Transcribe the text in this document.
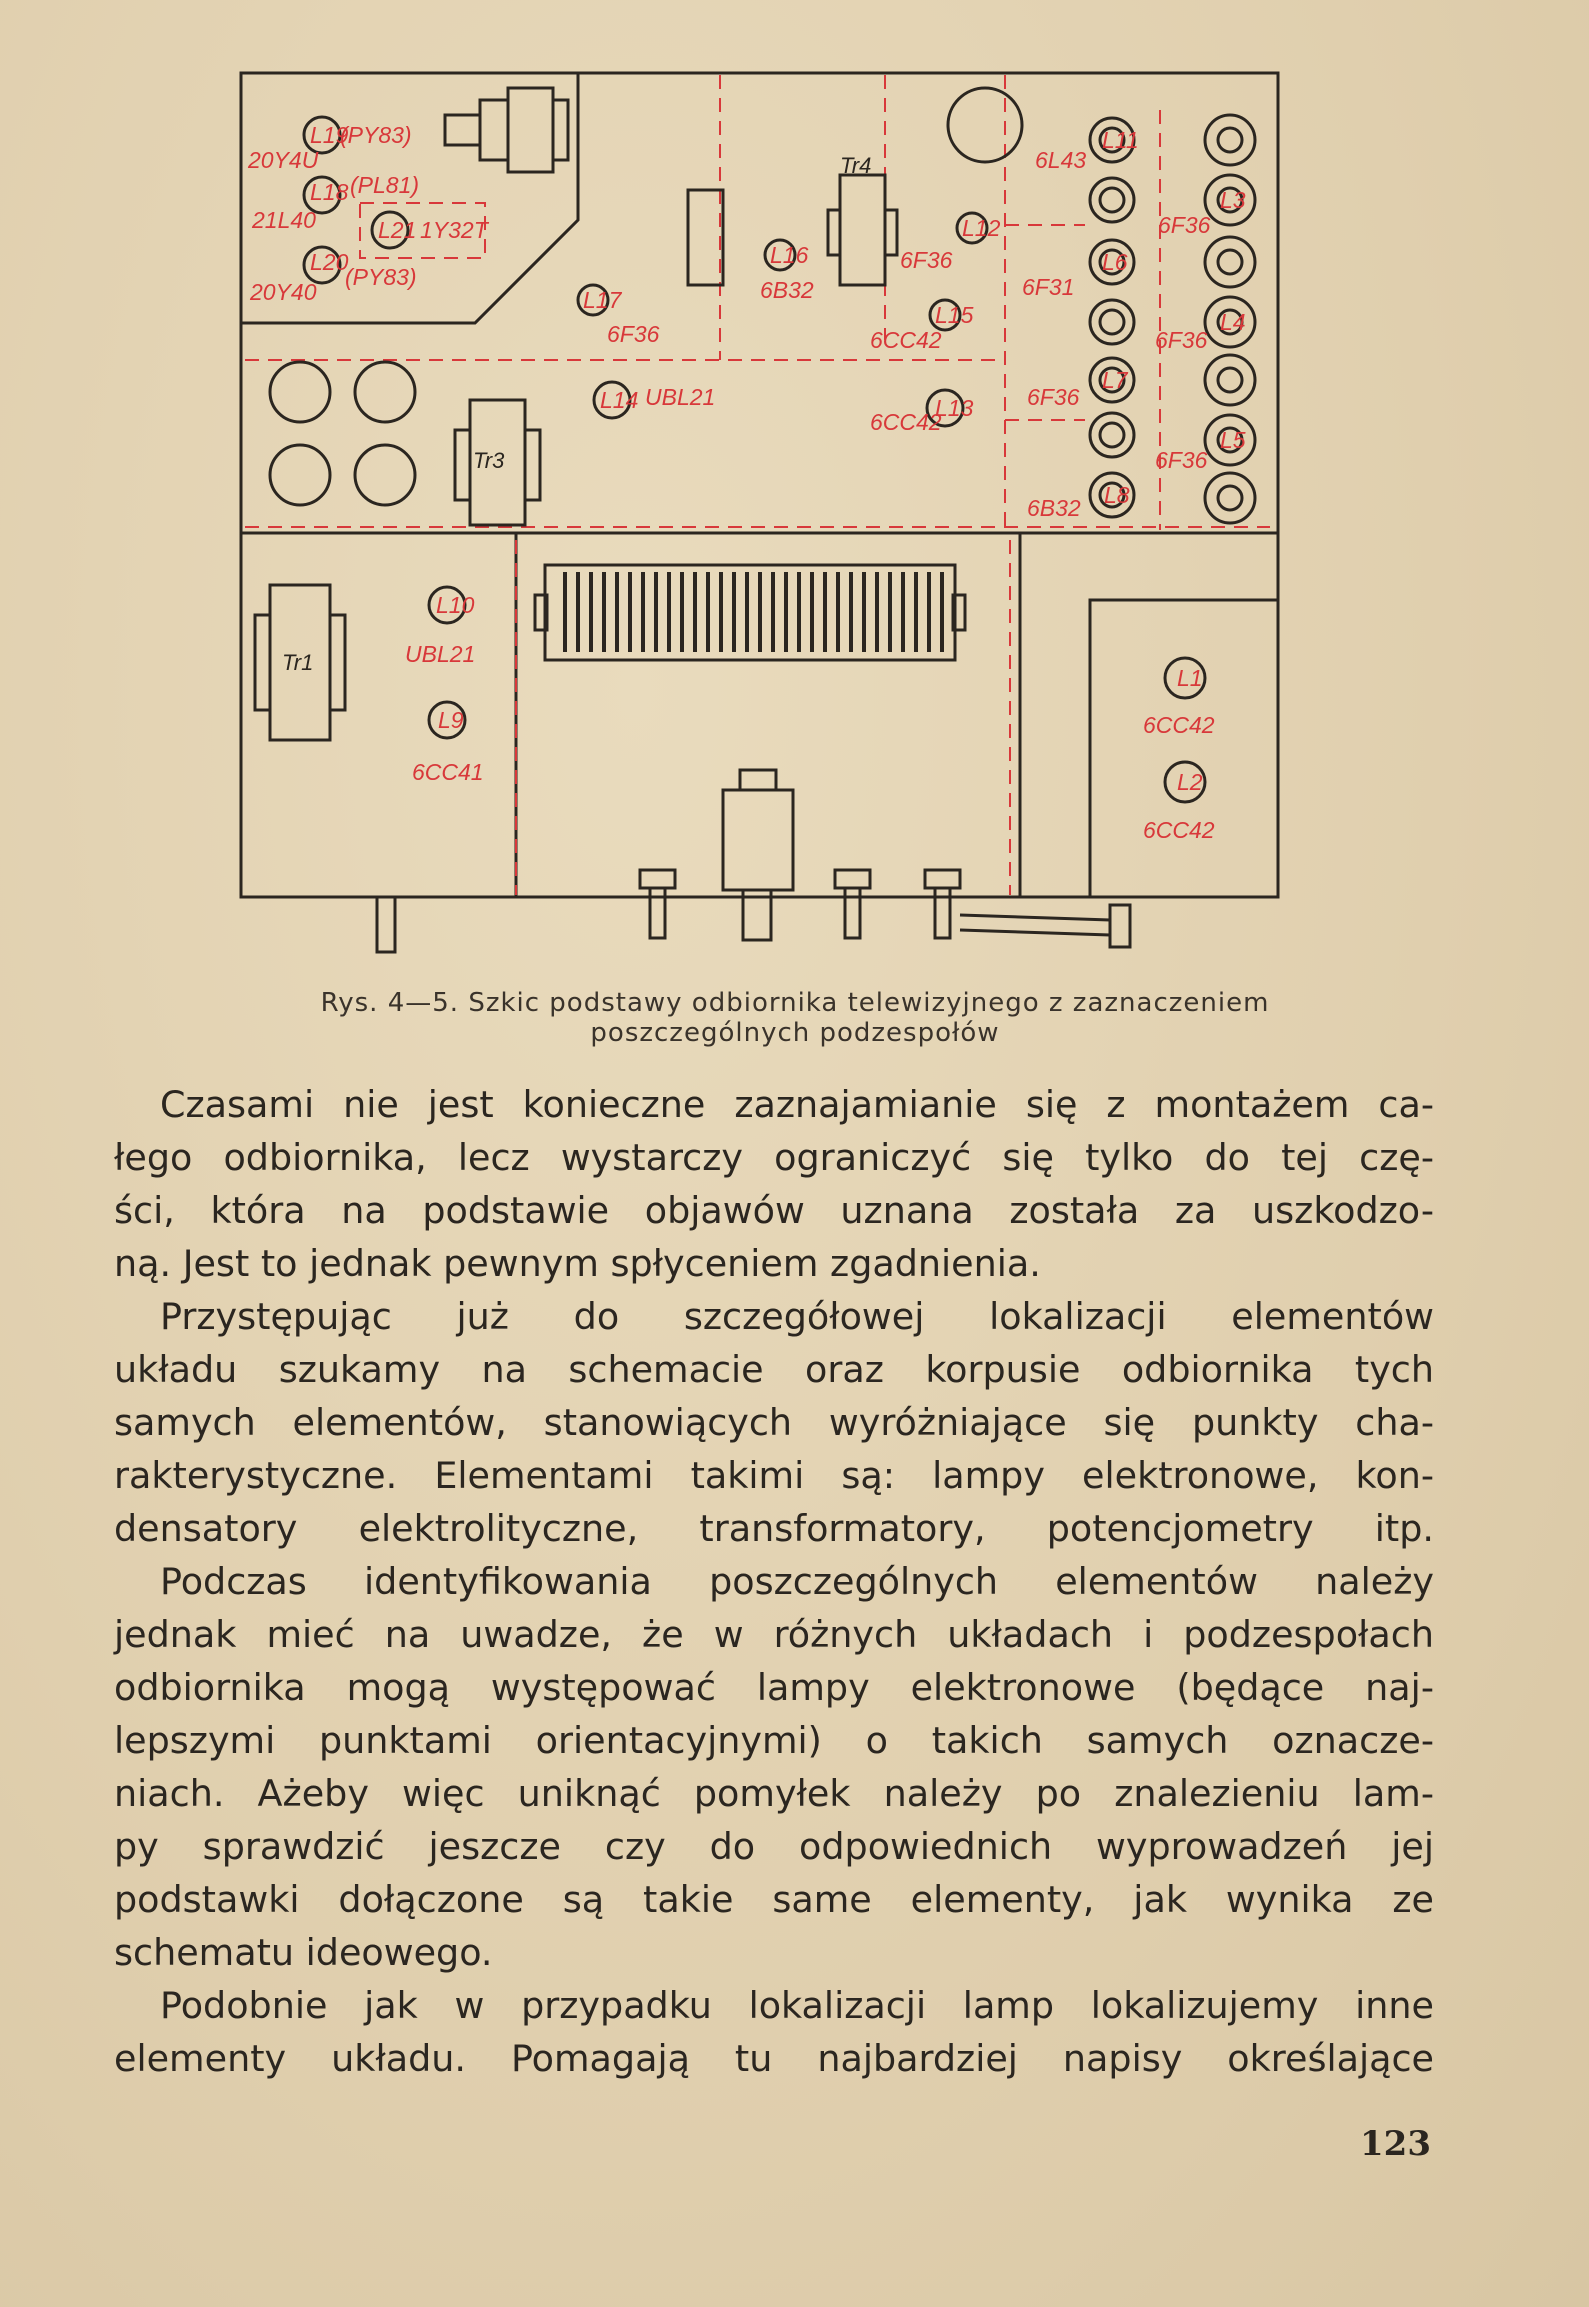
L19
(PY83)
20Y4U
L18 (PL81)
21L40	L21 1Y32T
L20
(PY83)
20Y40
Tr4
L17
6F36
L16
6B32
L12
6F36
L15
6CC42
L14 UBL21	L13
6CC42
6L43
L11
6F31
L6
6F36
L7
6B32 L8
6F36
L3
6F36
L4
6F36
L5
Tr3
Tr1
L10
UBL21
L9
6CC41
L1
6CC42
L2
6CC42
Rys. 4—5. Szkic podstawy odbiornika telewizyjnego z zaznaczeniem
poszczególnych podzespołów
Czasami nie jest konieczne zaznajamianie się z montażem ca-
łego odbiornika, lecz wystarczy ograniczyć się tylko do tej czę-
ści, która na podstawie objawów uznana została za uszkodzo-
ną. Jest to jednak pewnym spłyceniem zgadnienia.
Przystępując już do szczegółowej lokalizacji elementów
układu szukamy na schemacie oraz korpusie odbiornika tych
samych elementów, stanowiących wyróżniające się punkty cha-
rakterystyczne. Elementami takimi są: lampy elektronowe, kon-
densatory elektrolityczne, transformatory, potencjometry itp.
Podczas identyfikowania poszczególnych elementów należy
jednak mieć na uwadze, że w różnych układach i podzespołach
odbiornika mogą występować lampy elektronowe (będące naj-
lepszymi punktami orientacyjnymi) o takich samych oznacze-
niach. Ażeby więc uniknąć pomyłek należy po znalezieniu lam-
py sprawdzić jeszcze czy do odpowiednich wyprowadzeń jej
podstawki dołączone są takie same elementy, jak wynika ze
schematu ideowego.
Podobnie jak w przypadku lokalizacji lamp lokalizujemy inne
elementy układu. Pomagają tu najbardziej napisy określające
123
